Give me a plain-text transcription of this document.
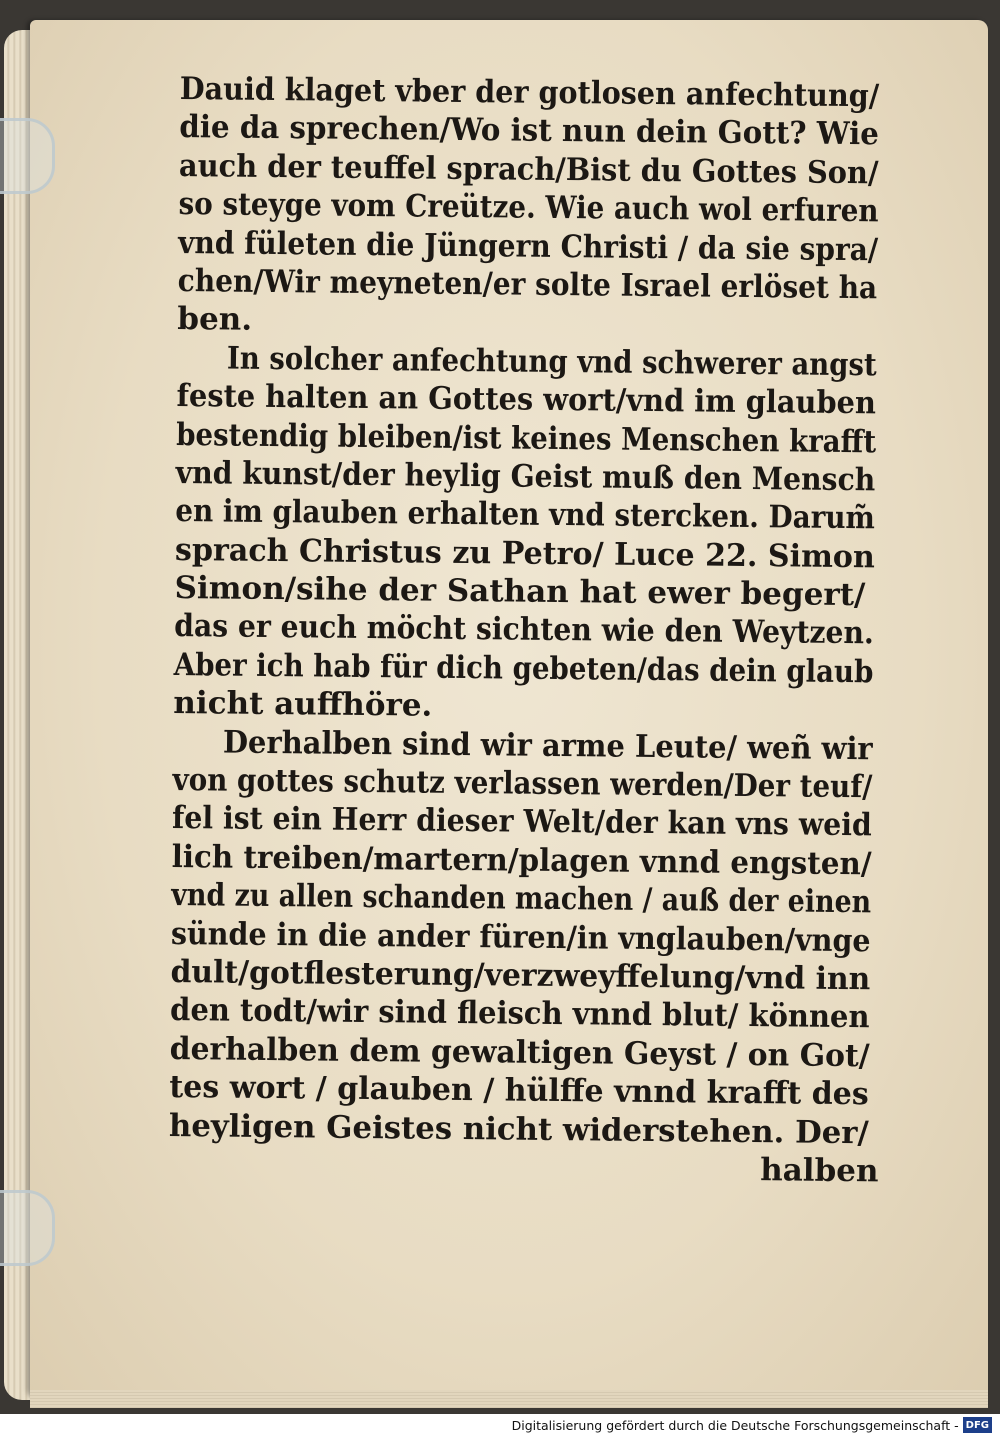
Dauid klaget vber der gotlosen anfechtung/
die da sprechen/Wo ist nun dein Gott? Wie
auch der teuffel sprach/Bist du Gottes Son/
so steyge vom Creütze. Wie auch wol erfuren
vnd fületen die Jüngern Christi / da sie spra/
chen/Wir meyneten/er solte Israel erlöset ha
ben.
In solcher anfechtung vnd schwerer angst
feste halten an Gottes wort/vnd im glauben
bestendig bleiben/ist keines Menschen krafft
vnd kunst/der heylig Geist muß den Mensch
en im glauben erhalten vnd stercken. Darum̃
sprach Christus zu Petro/ Luce 22. Simon
Simon/sihe der Sathan hat ewer begert/
das er euch möcht sichten wie den Weytzen.
Aber ich hab für dich gebeten/das dein glaub
nicht auffhöre.
Derhalben sind wir arme Leute/ weñ wir
von gottes schutz verlassen werden/Der teuf/
fel ist ein Herr dieser Welt/der kan vns weid
lich treiben/martern/plagen vnnd engsten/
vnd zu allen schanden machen / auß der einen
sünde in die ander füren/in vnglauben/vnge
dult/gotflesterung/verzweyffelung/vnd inn
den todt/wir sind fleisch vnnd blut/ können
derhalben dem gewaltigen Geyst / on Got/
tes wort / glauben / hülffe vnnd krafft des
heyligen Geistes nicht widerstehen. Der/
halben
Digitalisierung gefördert durch die Deutsche Forschungsgemeinschaft - DFG
